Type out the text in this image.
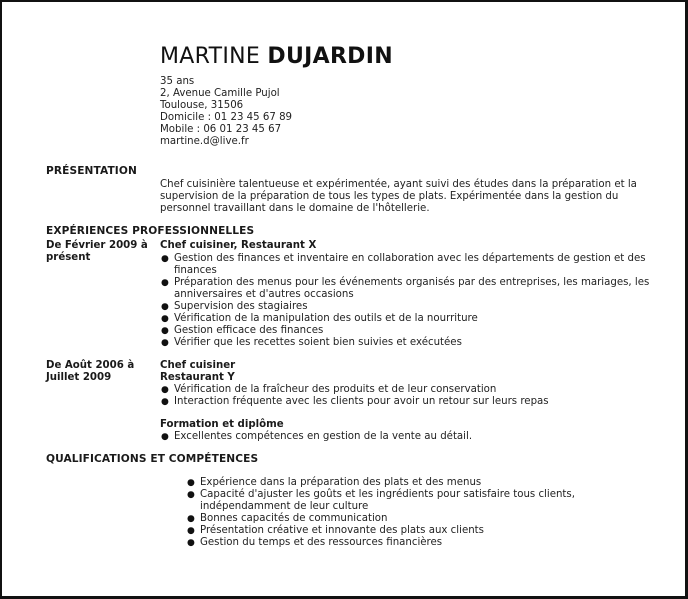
MARTINE DUJARDIN
35 ans
2, Avenue Camille Pujol
Toulouse, 31506
Domicile : 01 23 45 67 89
Mobile : 06 01 23 45 67
martine.d@live.fr
PRÉSENTATION
Chef cuisinière talentueuse et expérimentée, ayant suivi des études dans la préparation et la supervision de la préparation de tous les types de plats. Expérimentée dans la gestion du personnel travaillant dans le domaine de l'hôtellerie.
EXPÉRIENCES PROFESSIONNELLES
De Février 2009 à présent
Chef cuisiner, Restaurant X
● Gestion des finances et inventaire en collaboration avec les départements de gestion et des finances
● Préparation des menus pour les événements organisés par des entreprises, les mariages, les anniversaires et d'autres occasions
● Supervision des stagiaires
● Vérification de la manipulation des outils et de la nourriture
● Gestion efficace des finances
● Vérifier que les recettes soient bien suivies et exécutées
De Août 2006 à Juillet 2009
Chef cuisiner
Restaurant Y
● Vérification de la fraîcheur des produits et de leur conservation
● Interaction fréquente avec les clients pour avoir un retour sur leurs repas
Formation et diplôme
● Excellentes compétences en gestion de la vente au détail.
QUALIFICATIONS ET COMPÉTENCES
● Expérience dans la préparation des plats et des menus
● Capacité d'ajuster les goûts et les ingrédients pour satisfaire tous clients, indépendamment de leur culture
● Bonnes capacités de communication
● Présentation créative et innovante des plats aux clients
● Gestion du temps et des ressources financières
